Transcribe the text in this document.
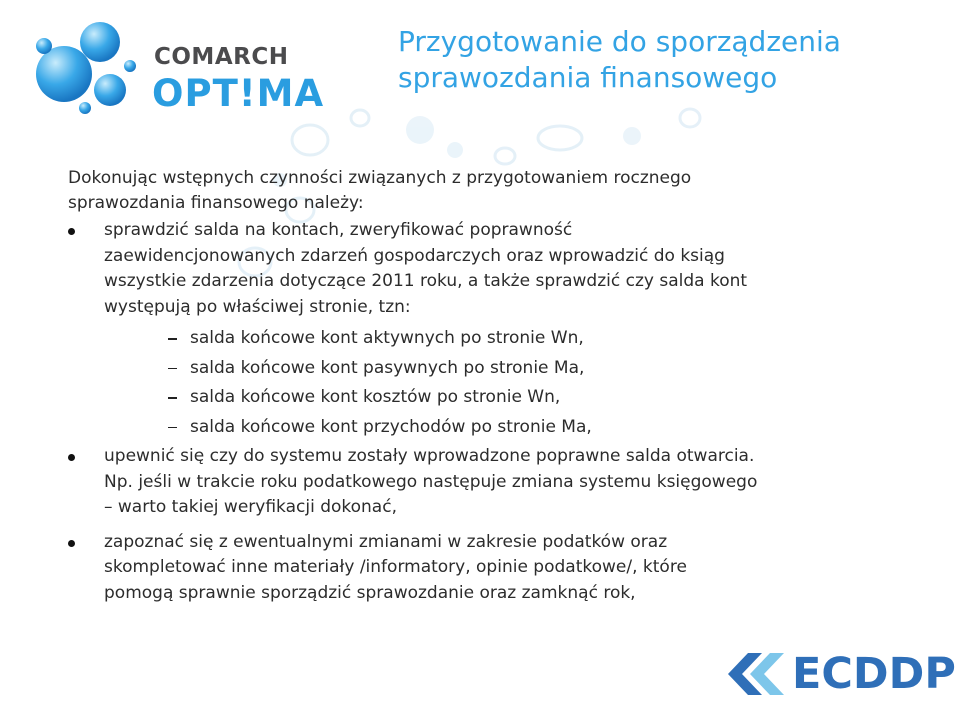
COMARCH
OPT!MA
Przygotowanie do sporządzenia
sprawozdania finansowego
Dokonując wstępnych czynności związanych z przygotowaniem rocznego
sprawozdania finansowego należy:
sprawdzić salda na kontach, zweryfikować poprawność
zaewidencjonowanych zdarzeń gospodarczych oraz wprowadzić do ksiąg
wszystkie zdarzenia dotyczące 2011 roku, a także sprawdzić czy salda kont
występują po właściwej stronie, tzn:
salda końcowe kont aktywnych po stronie Wn,
salda końcowe kont pasywnych po stronie Ma,
salda końcowe kont kosztów po stronie Wn,
salda końcowe kont przychodów po stronie Ma,
upewnić się czy do systemu zostały wprowadzone poprawne salda otwarcia.
Np. jeśli w trakcie roku podatkowego następuje zmiana systemu księgowego
– warto takiej weryfikacji dokonać,
zapoznać się z ewentualnymi zmianami w zakresie podatków oraz
skompletować inne materiały /informatory, opinie podatkowe/, które
pomogą sprawnie sporządzić sprawozdanie oraz zamknąć rok,
ECDDP
